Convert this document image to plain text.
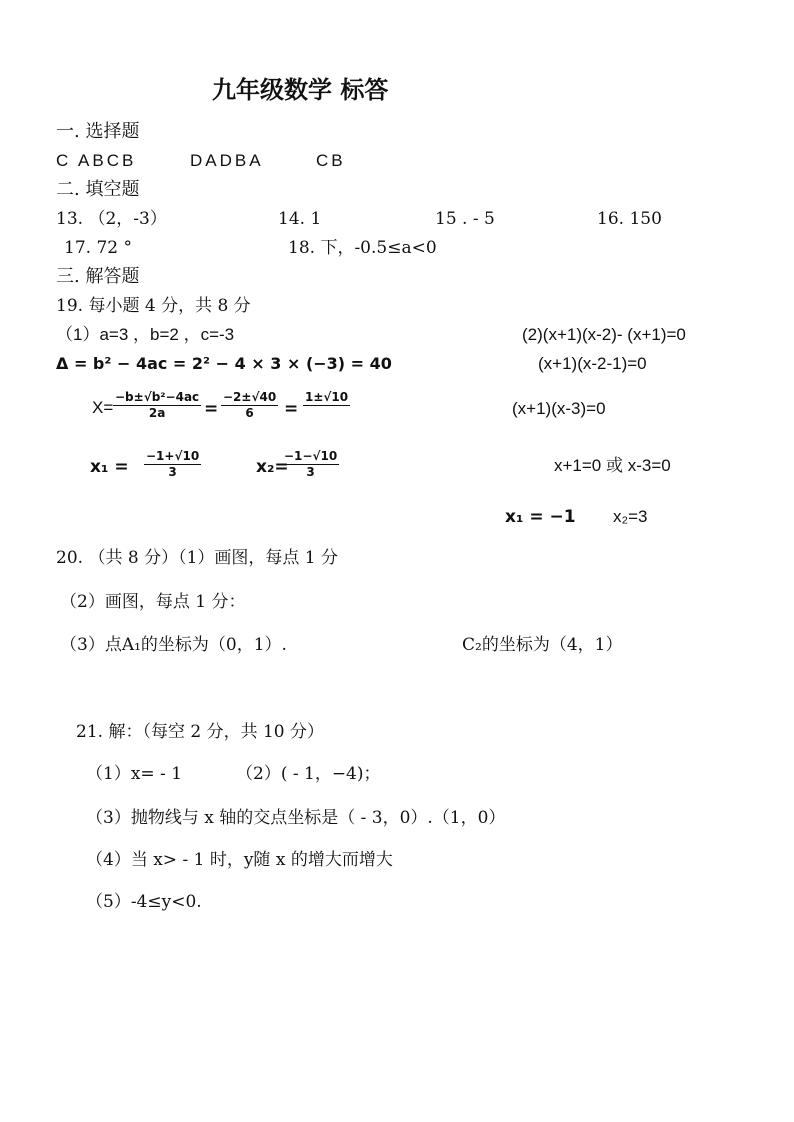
九年级数学 标答
一. 选择题
C ABCB	DADBA	CB
二. 填空题
13. （2，-3）	14. 1	15 . - 5	16. 150
17. 72 °	18. 下，-0.5≤a<0
三. 解答题
19. 每小题 4 分，共 8 分
（1）a=3 ，b=2 ，c=-3
Δ = b² − 4ac = 2² − 4 × 3 × (−3) = 40
$X= \frac{\text{−b±√b²−4ac}}{2a} = \frac{-2\pm√40}{6}$ =
1±√10
$x_1 = \frac{-1+√10}{3}$	x₂=
$\frac{-1-√10}{3}$
(2)(x+1)(x-2)- (x+1)=0
(x+1)(x-2-1)=0
(x+1)(x-3)=0
x+1=0 或 x-3=0
x₁ = −1 x₂=3
20. （共 8 分）（1）画图，每点 1 分
（2）画图，每点 1 分：
（3）点A₁的坐标为（0，1）.	C₂的坐标为（4，1）
21. 解：（每空 2 分，共 10 分）
（1）x= - 1	（2）( - 1，−4)；
（3）抛物线与 x 轴的交点坐标是（ - 3，0）.（1，0）
（4）当 x> - 1 时，y随 x 的增大而增大
（5）-4≤y<0.
